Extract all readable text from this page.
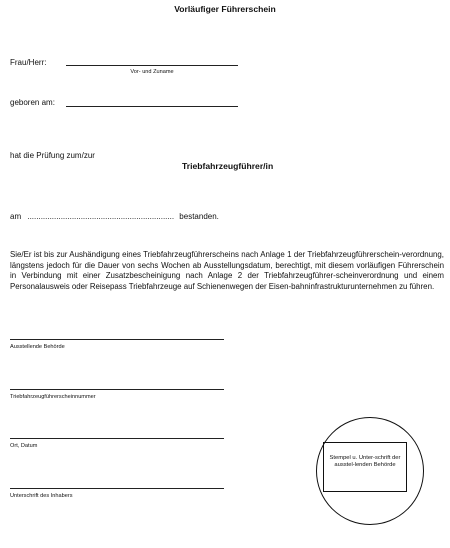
Vorläufiger Führerschein
Frau/Herr:
Vor- und Zuname
geboren am:
hat die Prüfung zum/zur
Triebfahrzeugführer/in
am .................................................................. bestanden.
Sie/Er ist bis zur Aushändigung eines Triebfahrzeugführerscheins nach Anlage 1 der Triebfahrzeugführerschein-verordnung, längstens jedoch für die Dauer von sechs Wochen ab Ausstellungsdatum, berechtigt, mit diesem vorläufigen Führerschein in Verbindung mit einer Zusatzbescheinigung nach Anlage 2 der Triebfahrzeugführer-scheinverordnung und einem Personalausweis oder Reisepass Triebfahrzeuge auf Schienenwegen der Eisen-bahninfrastrukturunternehmen zu führen.
Ausstellende Behörde
Triebfahrzeugführerscheinnummer
Ort, Datum
Unterschrift des Inhabers
Stempel u. Unter-schrift der ausstel-lenden Behörde
